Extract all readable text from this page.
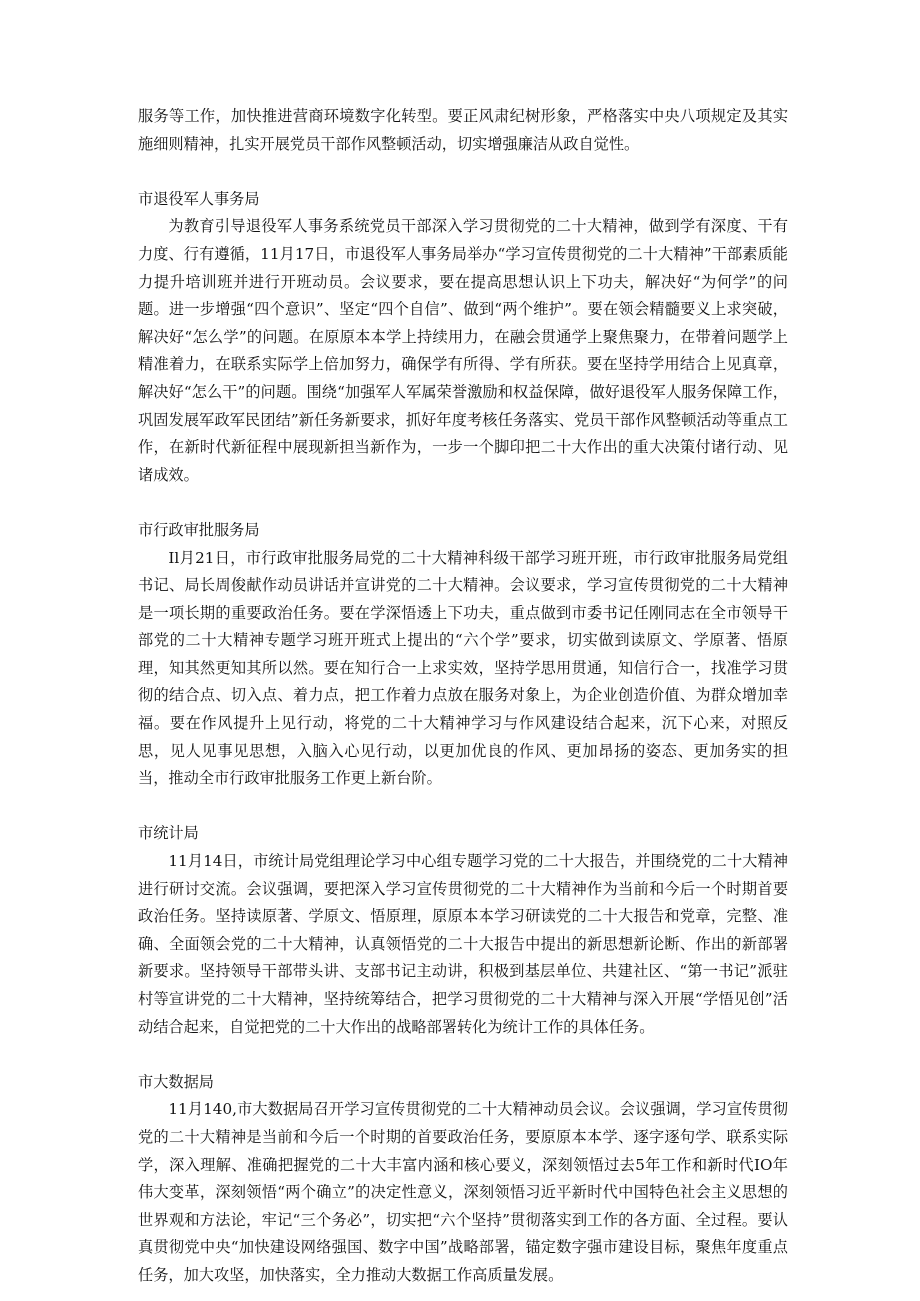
服务等工作，加快推进营商环境数字化转型。要正风肃纪树形象，严格落实中央八项规定及其实施细则精神，扎实开展党员干部作风整顿活动，切实增强廉洁从政自觉性。

市退役军人事务局

为教育引导退役军人事务系统党员干部深入学习贯彻党的二十大精神，做到学有深度、干有力度、行有遵循，11月17日，市退役军人事务局举办“学习宣传贯彻党的二十大精神”干部素质能力提升培训班并进行开班动员。会议要求，要在提高思想认识上下功夫，解决好“为何学”的问题。进一步增强“四个意识”、坚定“四个自信”、做到“两个维护”。要在领会精髓要义上求突破，解决好“怎么学”的问题。在原原本本学上持续用力，在融会贯通学上聚焦聚力，在带着问题学上精准着力，在联系实际学上倍加努力，确保学有所得、学有所获。要在坚持学用结合上见真章，解决好“怎么干”的问题。围绕“加强军人军属荣誉激励和权益保障，做好退役军人服务保障工作，巩固发展军政军民团结”新任务新要求，抓好年度考核任务落实、党员干部作风整顿活动等重点工作，在新时代新征程中展现新担当新作为，一步一个脚印把二十大作出的重大决策付诸行动、见诸成效。

市行政审批服务局

Il月21日，市行政审批服务局党的二十大精神科级干部学习班开班，市行政审批服务局党组书记、局长周俊献作动员讲话并宣讲党的二十大精神。会议要求，学习宣传贯彻党的二十大精神是一项长期的重要政治任务。要在学深悟透上下功夫，重点做到市委书记任刚同志在全市领导干部党的二十大精神专题学习班开班式上提出的“六个学”要求，切实做到读原文、学原著、悟原理，知其然更知其所以然。要在知行合一上求实效，坚持学思用贯通，知信行合一，找准学习贯彻的结合点、切入点、着力点，把工作着力点放在服务对象上，为企业创造价值、为群众增加幸福。要在作风提升上见行动，将党的二十大精神学习与作风建设结合起来，沉下心来，对照反思，见人见事见思想，入脑入心见行动，以更加优良的作风、更加昂扬的姿态、更加务实的担当，推动全市行政审批服务工作更上新台阶。

市统计局

11月14日，市统计局党组理论学习中心组专题学习党的二十大报告，并围绕党的二十大精神进行研讨交流。会议强调，要把深入学习宣传贯彻党的二十大精神作为当前和今后一个时期首要政治任务。坚持读原著、学原文、悟原理，原原本本学习研读党的二十大报告和党章，完整、准确、全面领会党的二十大精神，认真领悟党的二十大报告中提出的新思想新论断、作出的新部署新要求。坚持领导干部带头讲、支部书记主动讲，积极到基层单位、共建社区、“第一书记”派驻村等宣讲党的二十大精神，坚持统筹结合，把学习贯彻党的二十大精神与深入开展“学悟见创”活动结合起来，自觉把党的二十大作出的战略部署转化为统计工作的具体任务。

市大数据局

11月140,市大数据局召开学习宣传贯彻党的二十大精神动员会议。会议强调，学习宣传贯彻党的二十大精神是当前和今后一个时期的首要政治任务，要原原本本学、逐字逐句学、联系实际学，深入理解、准确把握党的二十大丰富内涵和核心要义，深刻领悟过去5年工作和新时代IO年伟大变革，深刻领悟“两个确立”的决定性意义，深刻领悟习近平新时代中国特色社会主义思想的世界观和方法论，牢记“三个务必”，切实把“六个坚持”贯彻落实到工作的各方面、全过程。要认真贯彻党中央“加快建设网络强国、数字中国”战略部署，锚定数字强市建设目标，聚焦年度重点任务，加大攻坚，加快落实，全力推动大数据工作高质量发展。
